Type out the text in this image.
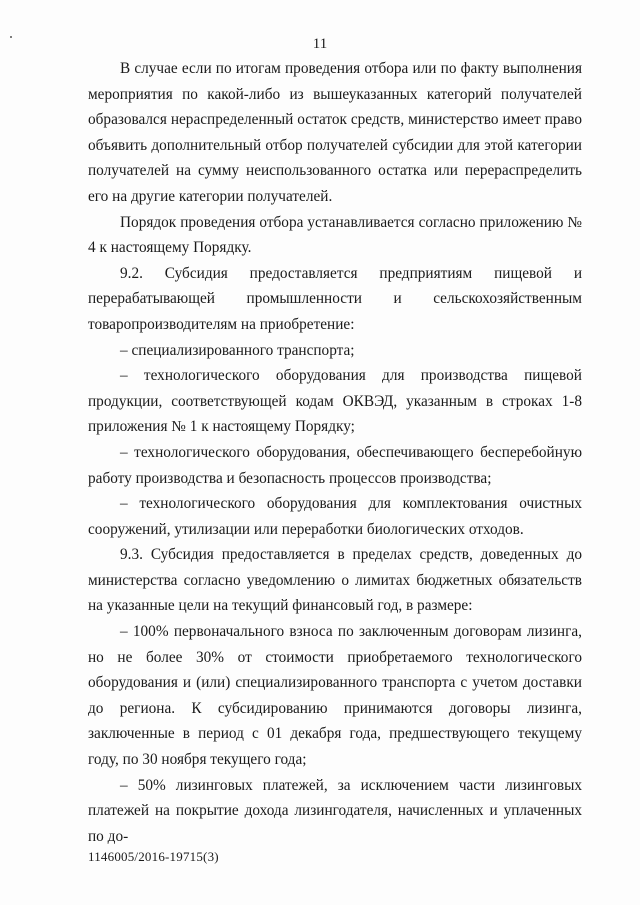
11

В случае если по итогам проведения отбора или по факту выполнения мероприятия по какой-либо из вышеуказанных категорий получателей образовался нераспределенный остаток средств, министерство имеет право объявить дополнительный отбор получателей субсидии для этой категории получателей на сумму неиспользованного остатка или перераспределить его на другие категории получателей.

Порядок проведения отбора устанавливается согласно приложению № 4 к настоящему Порядку.

9.2. Субсидия предоставляется предприятиям пищевой и перерабатывающей промышленности и сельскохозяйственным товаропроизводителям на приобретение:

– специализированного транспорта;

– технологического оборудования для производства пищевой продукции, соответствующей кодам ОКВЭД, указанным в строках 1-8 приложения № 1 к настоящему Порядку;

– технологического оборудования, обеспечивающего бесперебойную работу производства и безопасность процессов производства;

– технологического оборудования для комплектования очистных сооружений, утилизации или переработки биологических отходов.

9.3. Субсидия предоставляется в пределах средств, доведенных до министерства согласно уведомлению о лимитах бюджетных обязательств на указанные цели на текущий финансовый год, в размере:

– 100% первоначального взноса по заключенным договорам лизинга, но не более 30% от стоимости приобретаемого технологического оборудования и (или) специализированного транспорта с учетом доставки до региона. К субсидированию принимаются договоры лизинга, заключенные в период с 01 декабря года, предшествующего текущему году, по 30 ноября текущего года;

– 50% лизинговых платежей, за исключением части лизинговых платежей на покрытие дохода лизингодателя, начисленных и уплаченных по до-

1146005/2016-19715(3)
